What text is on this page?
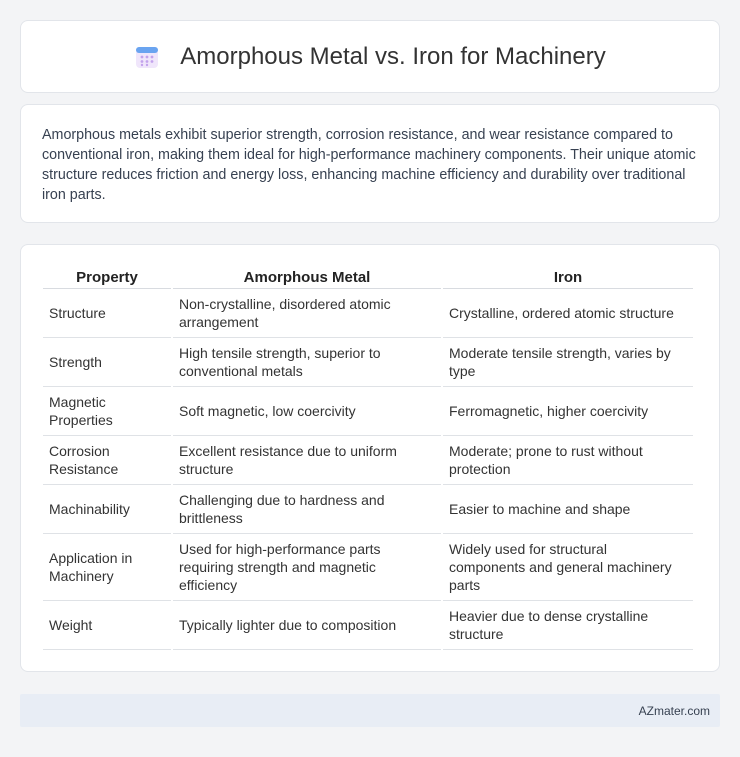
Amorphous Metal vs. Iron for Machinery

Amorphous metals exhibit superior strength, corrosion resistance, and wear resistance compared to conventional iron, making them ideal for high-performance machinery components. Their unique atomic structure reduces friction and energy loss, enhancing machine efficiency and durability over traditional iron parts.

Property	Amorphous Metal	Iron
Structure	Non-crystalline, disordered atomic arrangement	Crystalline, ordered atomic structure
Strength	High tensile strength, superior to conventional metals	Moderate tensile strength, varies by type
Magnetic Properties	Soft magnetic, low coercivity	Ferromagnetic, higher coercivity
Corrosion Resistance	Excellent resistance due to uniform structure	Moderate; prone to rust without protection
Machinability	Challenging due to hardness and brittleness	Easier to machine and shape
Application in Machinery	Used for high-performance parts requiring strength and magnetic efficiency	Widely used for structural components and general machinery parts
Weight	Typically lighter due to composition	Heavier due to dense crystalline structure
AZmater.com
